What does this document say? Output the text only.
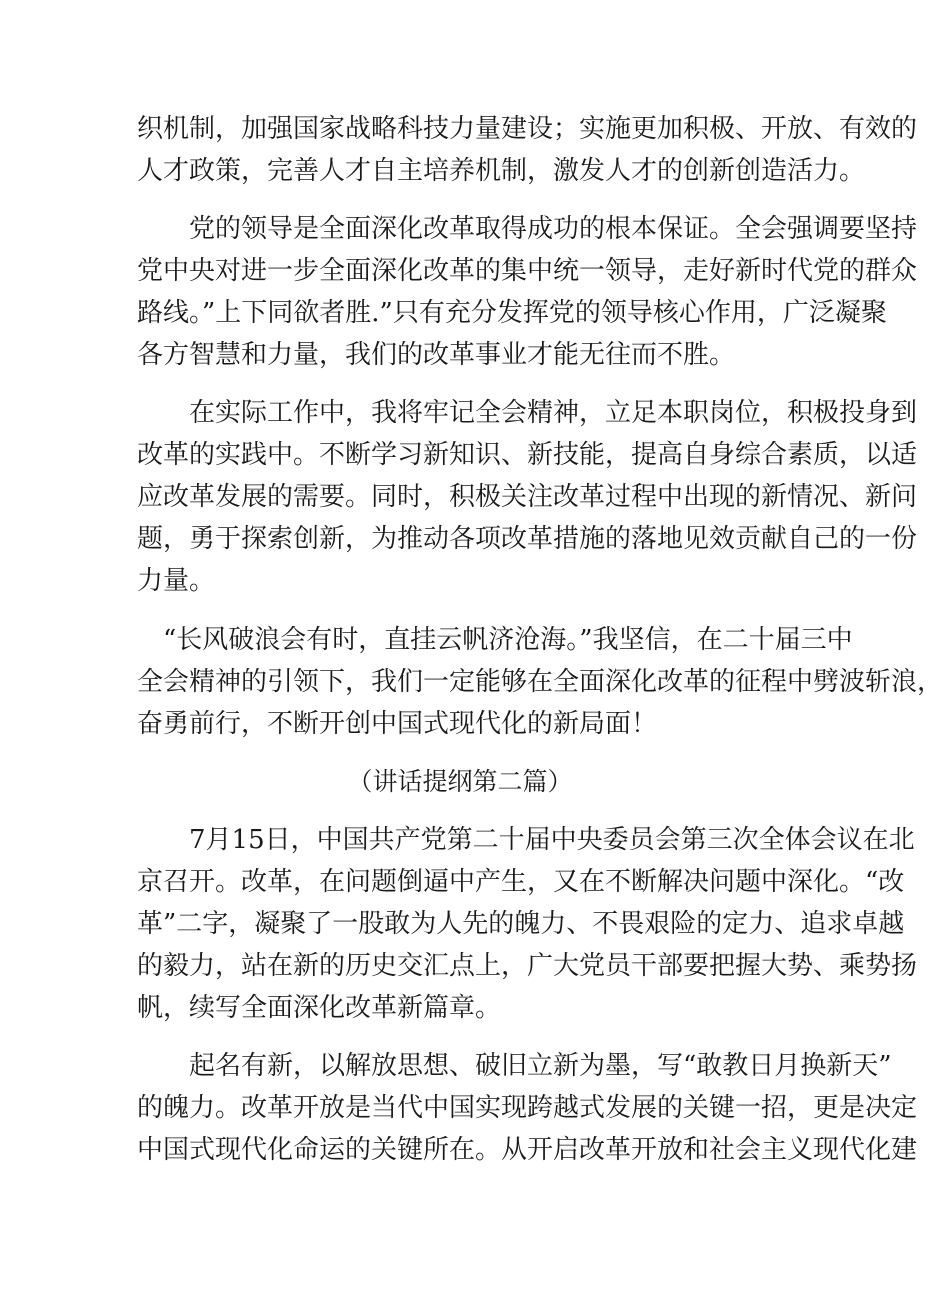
织机制，加强国家战略科技力量建设；实施更加积极、开放、有效的
人才政策，完善人才自主培养机制，激发人才的创新创造活力。
　　党的领导是全面深化改革取得成功的根本保证。全会强调要坚持
党中央对进一步全面深化改革的集中统一领导，走好新时代党的群众
路线。”上下同欲者胜.”只有充分发挥党的领导核心作用，广泛凝聚
各方智慧和力量，我们的改革事业才能无往而不胜。
　　在实际工作中，我将牢记全会精神，立足本职岗位，积极投身到
改革的实践中。不断学习新知识、新技能，提高自身综合素质，以适
应改革发展的需要。同时，积极关注改革过程中出现的新情况、新问
题，勇于探索创新，为推动各项改革措施的落地见效贡献自己的一份
力量。
　“长风破浪会有时，直挂云帆济沧海。”我坚信，在二十届三中
全会精神的引领下，我们一定能够在全面深化改革的征程中劈波斩浪，
奋勇前行，不断开创中国式现代化的新局面！
（讲话提纲第二篇）
　　7月15日，中国共产党第二十届中央委员会第三次全体会议在北
京召开。改革，在问题倒逼中产生，又在不断解决问题中深化。“改
革”二字，凝聚了一股敢为人先的魄力、不畏艰险的定力、追求卓越
的毅力，站在新的历史交汇点上，广大党员干部要把握大势、乘势扬
帆，续写全面深化改革新篇章。
　　起名有新，以解放思想、破旧立新为墨，写“敢教日月换新天”
的魄力。改革开放是当代中国实现跨越式发展的关键一招，更是决定
中国式现代化命运的关键所在。从开启改革开放和社会主义现代化建
